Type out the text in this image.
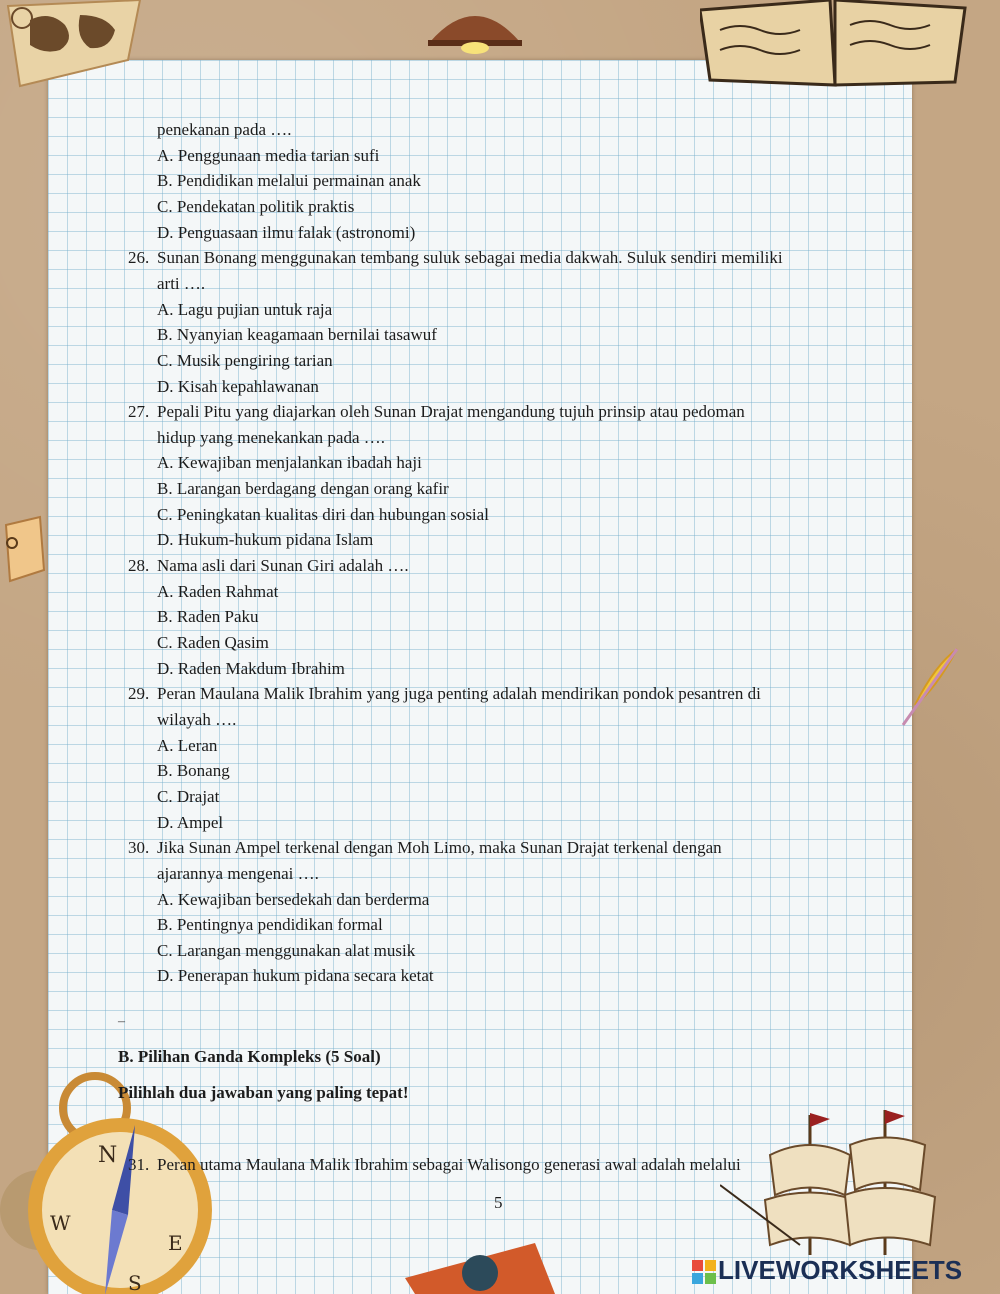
N
E
W
S
penekanan pada ….
A. Penggunaan media tarian sufi
B. Pendidikan melalui permainan anak
C. Pendekatan politik praktis
D. Penguasaan ilmu falak (astronomi)
26. Sunan Bonang menggunakan tembang suluk sebagai media dakwah. Suluk sendiri memiliki
arti ….
A. Lagu pujian untuk raja
B. Nyanyian keagamaan bernilai tasawuf
C. Musik pengiring tarian
D. Kisah kepahlawanan
27. Pepali Pitu yang diajarkan oleh Sunan Drajat mengandung tujuh prinsip atau pedoman
hidup yang menekankan pada ….
A. Kewajiban menjalankan ibadah haji
B. Larangan berdagang dengan orang kafir
C. Peningkatan kualitas diri dan hubungan sosial
D. Hukum-hukum pidana Islam
28. Nama asli dari Sunan Giri adalah ….
A. Raden Rahmat
B. Raden Paku
C. Raden Qasim
D. Raden Makdum Ibrahim
29. Peran Maulana Malik Ibrahim yang juga penting adalah mendirikan pondok pesantren di
wilayah ….
A. Leran
B. Bonang
C. Drajat
D. Ampel
30. Jika Sunan Ampel terkenal dengan Moh Limo, maka Sunan Drajat terkenal dengan
ajarannya mengenai ….
A. Kewajiban bersedekah dan berderma
B. Pentingnya pendidikan formal
C. Larangan menggunakan alat musik
D. Penerapan hukum pidana secara ketat
–
B. Pilihan Ganda Kompleks (5 Soal)
Pilihlah dua jawaban yang paling tepat!
31. Peran utama Maulana Malik Ibrahim sebagai Walisongo generasi awal adalah melalui
5
LIVEWORKSHEETS
